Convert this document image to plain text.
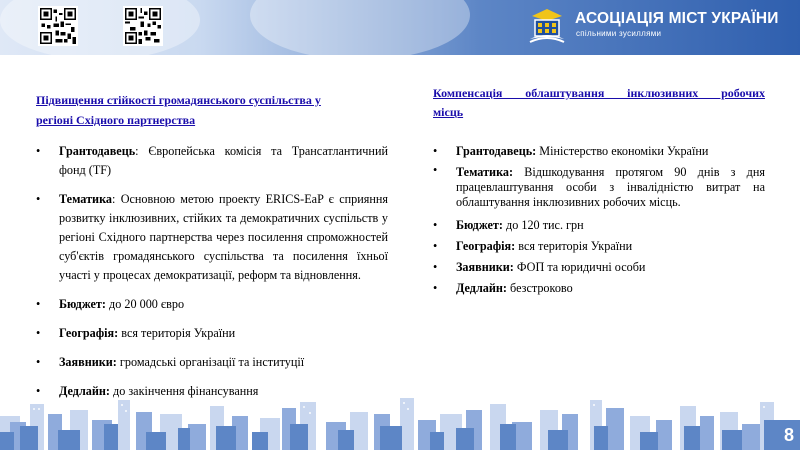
АСОЦІАЦІЯ МІСТ УКРАЇНИ
спільними зусиллями
Підвищення стійкості громадянського суспільства у
регіоні Східного партнерства
• Грантодавець: Європейська комісія та Трансатлантичний фонд (TF)
• Тематика: Основною метою проекту ERICS-EaP є сприяння розвитку інклюзивних, стійких та демократичних суспільств у регіоні Східного партнерства через посилення спроможностей суб'єктів громадянського суспільства та посилення їхньої участі у процесах демократизації, реформ та відновлення.
• Бюджет: до 20 000 євро
• Географія: вся територія України
• Заявники: громадські організації та інституції
• Дедлайн: до закінчення фінансування
Компенсація облаштування інклюзивних робочих
місць
• Грантодавець: Міністерство економіки України
• Тематика: Відшкодування протягом 90 днів з дня працевлаштування особи з інвалідністю витрат на облаштування інклюзивних робочих місць.
• Бюджет: до 120 тис. грн
• Географія: вся територія України
• Заявники: ФОП та юридичні особи
• Дедлайн: безстроково
8
